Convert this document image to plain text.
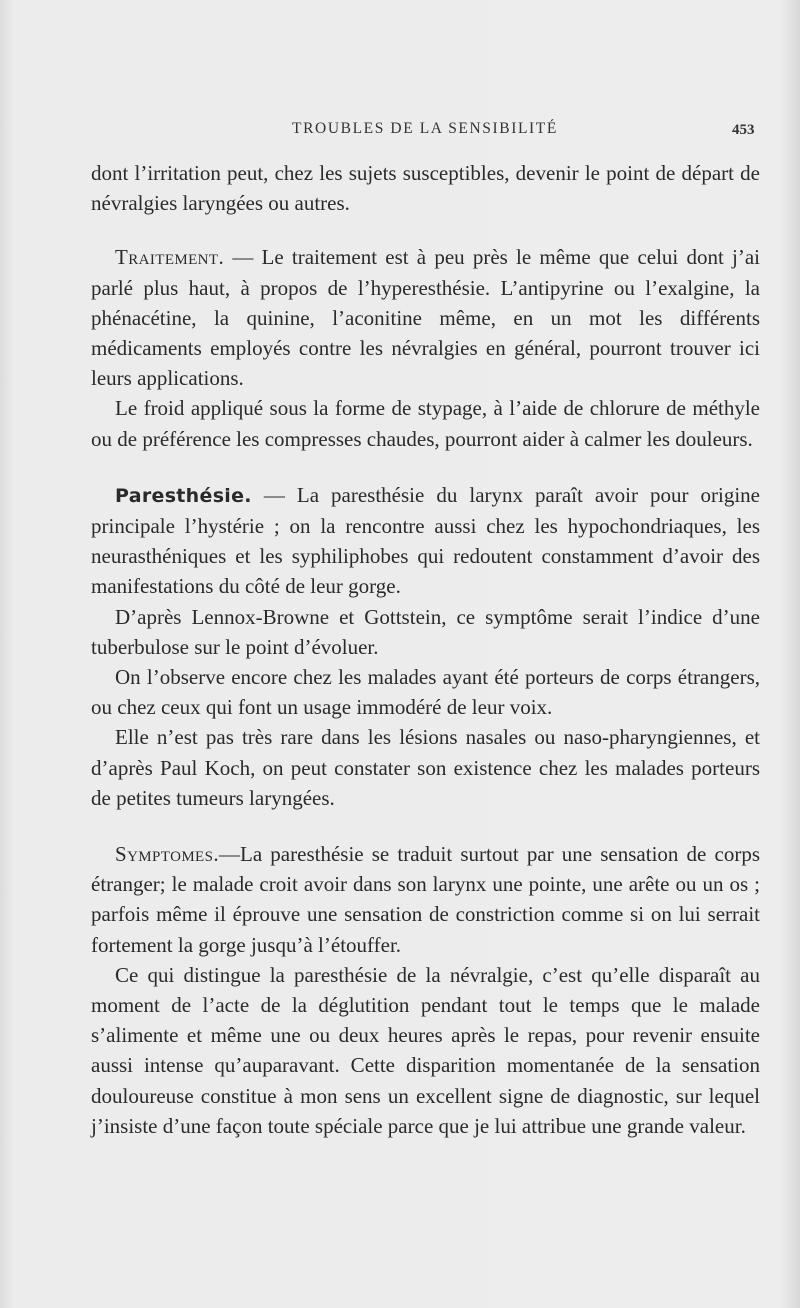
TROUBLES DE LA SENSIBILITÉ	453

dont l’irritation peut, chez les sujets susceptibles, devenir le point de départ de névralgies laryngées ou autres.

Traitement. — Le traitement est à peu près le même que celui dont j’ai parlé plus haut, à propos de l’hyperesthésie. L’antipyrine ou l’exalgine, la phénacétine, la quinine, l’aconitine même, en un mot les différents médicaments employés contre les névralgies en général, pourront trouver ici leurs applications.

Le froid appliqué sous la forme de stypage, à l’aide de chlorure de méthyle ou de préférence les compresses chaudes, pourront aider à calmer les douleurs.

Paresthésie. — La paresthésie du larynx paraît avoir pour origine principale l’hystérie ; on la rencontre aussi chez les hypochondriaques, les neurasthéniques et les syphiliphobes qui redoutent constamment d’avoir des manifestations du côté de leur gorge.

D’après Lennox-Browne et Gottstein, ce symptôme serait l’indice d’une tuberbulose sur le point d’évoluer.

On l’observe encore chez les malades ayant été porteurs de corps étrangers, ou chez ceux qui font un usage immodéré de leur voix.

Elle n’est pas très rare dans les lésions nasales ou naso-pharyngiennes, et d’après Paul Koch, on peut constater son existence chez les malades porteurs de petites tumeurs laryngées.

Symptomes.—La paresthésie se traduit surtout par une sensation de corps étranger; le malade croit avoir dans son larynx une pointe, une arête ou un os ; parfois même il éprouve une sensation de constriction comme si on lui serrait fortement la gorge jusqu’à l’étouffer.

Ce qui distingue la paresthésie de la névralgie, c’est qu’elle disparaît au moment de l’acte de la déglutition pendant tout le temps que le malade s’alimente et même une ou deux heures après le repas, pour revenir ensuite aussi intense qu’auparavant. Cette disparition momentanée de la sensation douloureuse constitue à mon sens un excellent signe de diagnostic, sur lequel j’insiste d’une façon toute spéciale parce que je lui attribue une grande valeur.
